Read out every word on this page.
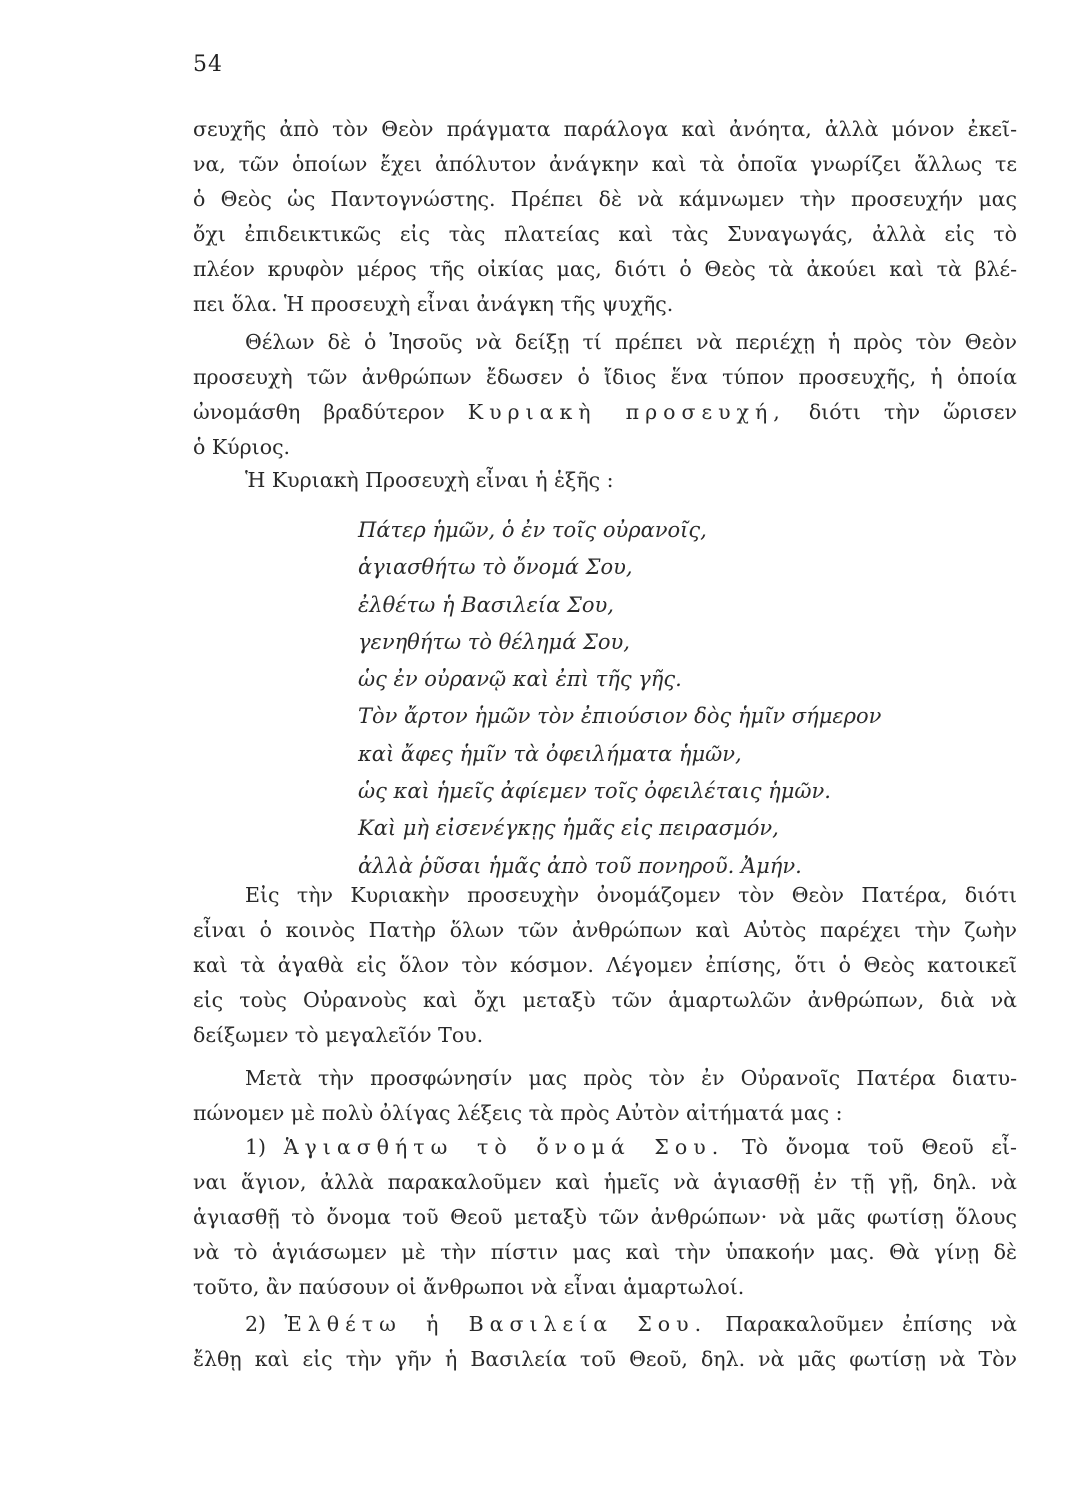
54

σευχῆς ἀπὸ τὸν Θεὸν πράγματα παράλογα καὶ ἀνόητα, ἀλλὰ μόνον ἐκεῖ-

να, τῶν ὁποίων ἔχει ἀπόλυτον ἀνάγκην καὶ τὰ ὁποῖα γνωρίζει ἄλλως τε

ὁ Θεὸς ὡς Παντογνώστης. Πρέπει δὲ νὰ κάμνωμεν τὴν προσευχήν μας

ὄχι ἐπιδεικτικῶς εἰς τὰς πλατείας καὶ τὰς Συναγωγάς, ἀλλὰ εἰς τὸ

πλέον κρυφὸν μέρος τῆς οἰκίας μας, διότι ὁ Θεὸς τὰ ἀκούει καὶ τὰ βλέ-

πει ὅλα. Ἡ προσευχὴ εἶναι ἀνάγκη τῆς ψυχῆς.

Θέλων δὲ ὁ Ἰησοῦς νὰ δείξῃ τί πρέπει νὰ περιέχῃ ἡ πρὸς τὸν Θεὸν

προσευχὴ τῶν ἀνθρώπων ἔδωσεν ὁ ἴδιος ἕνα τύπον προσευχῆς, ἡ ὁποία

ὠνομάσθη βραδύτερον Κυριακὴ προσευχή, διότι τὴν ὥρισεν

ὁ Κύριος.

Ἡ Κυριακὴ Προσευχὴ εἶναι ἡ ἑξῆς :

Πάτερ ἡμῶν, ὁ ἐν τοῖς οὐρανοῖς,
ἁγιασθήτω τὸ ὄνομά Σου,
ἐλθέτω ἡ Βασιλεία Σου,
γενηθήτω τὸ θέλημά Σου,
ὡς ἐν οὐρανῷ καὶ ἐπὶ τῆς γῆς.
Τὸν ἄρτον ἡμῶν τὸν ἐπιούσιον δὸς ἡμῖν σήμερον
καὶ ἄφες ἡμῖν τὰ ὀφειλήματα ἡμῶν,
ὡς καὶ ἡμεῖς ἀφίεμεν τοῖς ὀφειλέταις ἡμῶν.
Καὶ μὴ εἰσενέγκῃς ἡμᾶς εἰς πειρασμόν,
ἀλλὰ ῥῦσαι ἡμᾶς ἀπὸ τοῦ πονηροῦ. Ἀμήν.

Εἰς τὴν Κυριακὴν προσευχὴν ὀνομάζομεν τὸν Θεὸν Πατέρα, διότι

εἶναι ὁ κοινὸς Πατὴρ ὅλων τῶν ἀνθρώπων καὶ Αὐτὸς παρέχει τὴν ζωὴν

καὶ τὰ ἀγαθὰ εἰς ὅλον τὸν κόσμον. Λέγομεν ἐπίσης, ὅτι ὁ Θεὸς κατοικεῖ

εἰς τοὺς Οὐρανοὺς καὶ ὄχι μεταξὺ τῶν ἁμαρτωλῶν ἀνθρώπων, διὰ νὰ

δείξωμεν τὸ μεγαλεῖόν Του.

Μετὰ τὴν προσφώνησίν μας πρὸς τὸν ἐν Οὐρανοῖς Πατέρα διατυ-

πώνομεν μὲ πολὺ ὀλίγας λέξεις τὰ πρὸς Αὐτὸν αἰτήματά μας :

1) Ἁγιασθήτω τὸ ὄνομά Σου. Τὸ ὄνομα τοῦ Θεοῦ εἶ-

ναι ἅγιον, ἀλλὰ παρακαλοῦμεν καὶ ἡμεῖς νὰ ἁγιασθῇ ἐν τῇ γῇ, δηλ. νὰ

ἁγιασθῇ τὸ ὄνομα τοῦ Θεοῦ μεταξὺ τῶν ἀνθρώπων· νὰ μᾶς φωτίσῃ ὅλους

νὰ τὸ ἁγιάσωμεν μὲ τὴν πίστιν μας καὶ τὴν ὑπακοήν μας. Θὰ γίνῃ δὲ

τοῦτο, ἂν παύσουν οἱ ἄνθρωποι νὰ εἶναι ἁμαρτωλοί.

2) Ἐλθέτω ἡ Βασιλεία Σου. Παρακαλοῦμεν ἐπίσης νὰ

ἔλθῃ καὶ εἰς τὴν γῆν ἡ Βασιλεία τοῦ Θεοῦ, δηλ. νὰ μᾶς φωτίσῃ νὰ Τὸν
